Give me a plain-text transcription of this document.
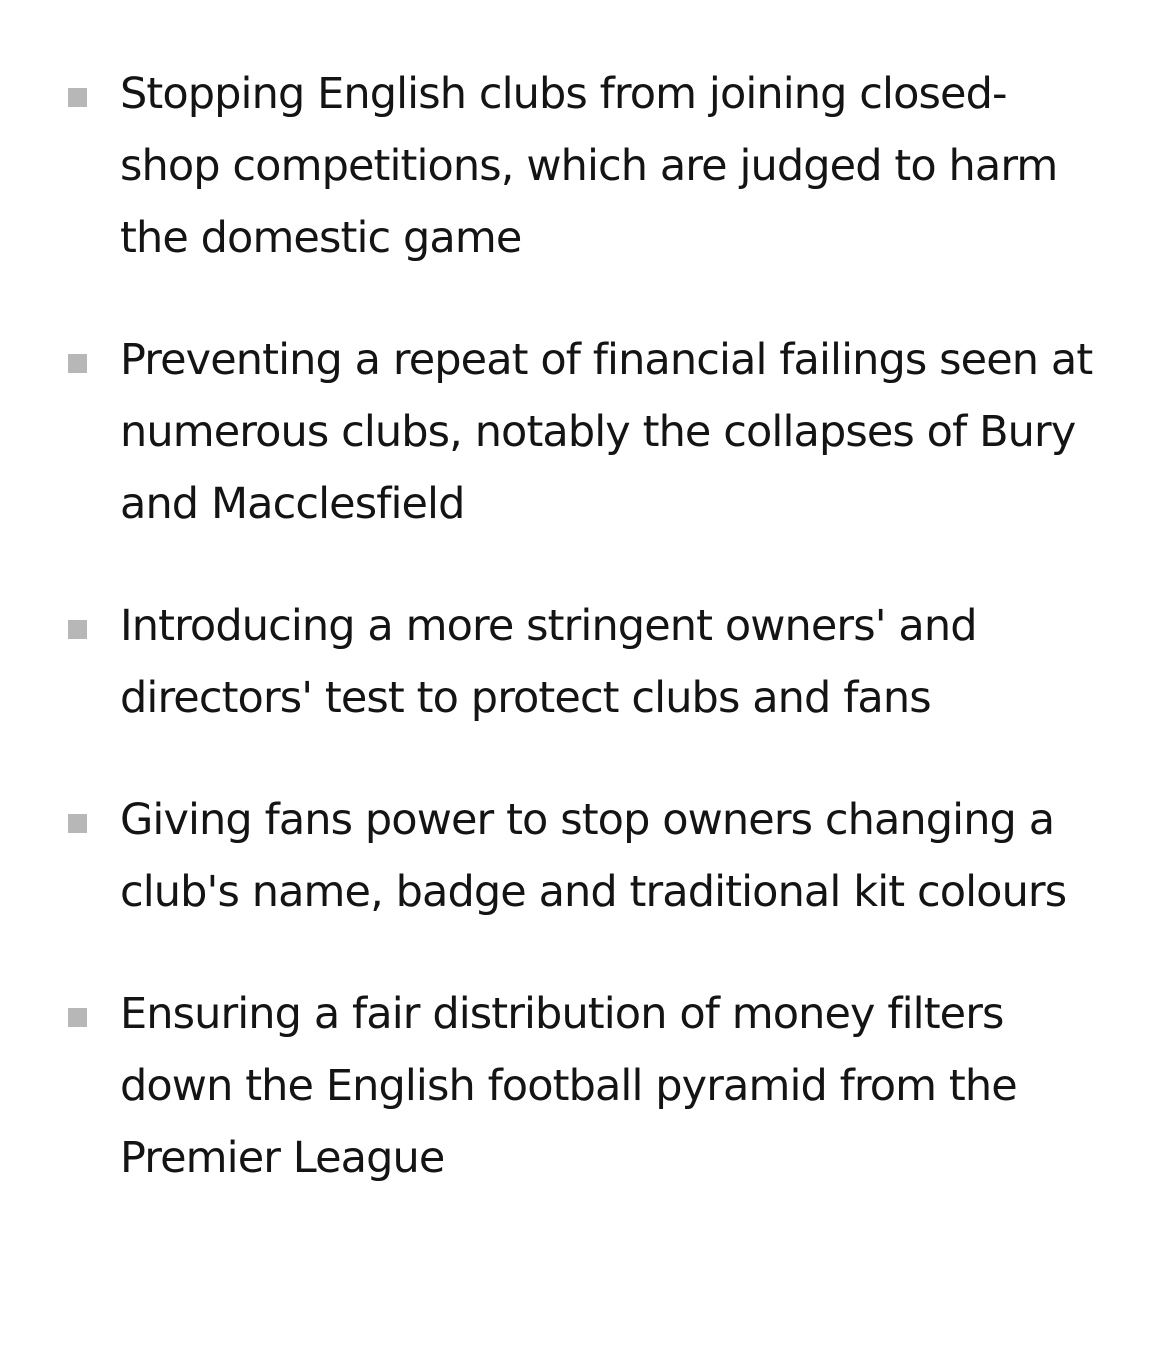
Stopping English clubs from joining closed-shop competitions, which are judged to harm the domestic game
Preventing a repeat of financial failings seen at numerous clubs, notably the collapses of Bury and Macclesfield
Introducing a more stringent owners' and directors' test to protect clubs and fans
Giving fans power to stop owners changing a club's name, badge and traditional kit colours
Ensuring a fair distribution of money filters down the English football pyramid from the Premier League
